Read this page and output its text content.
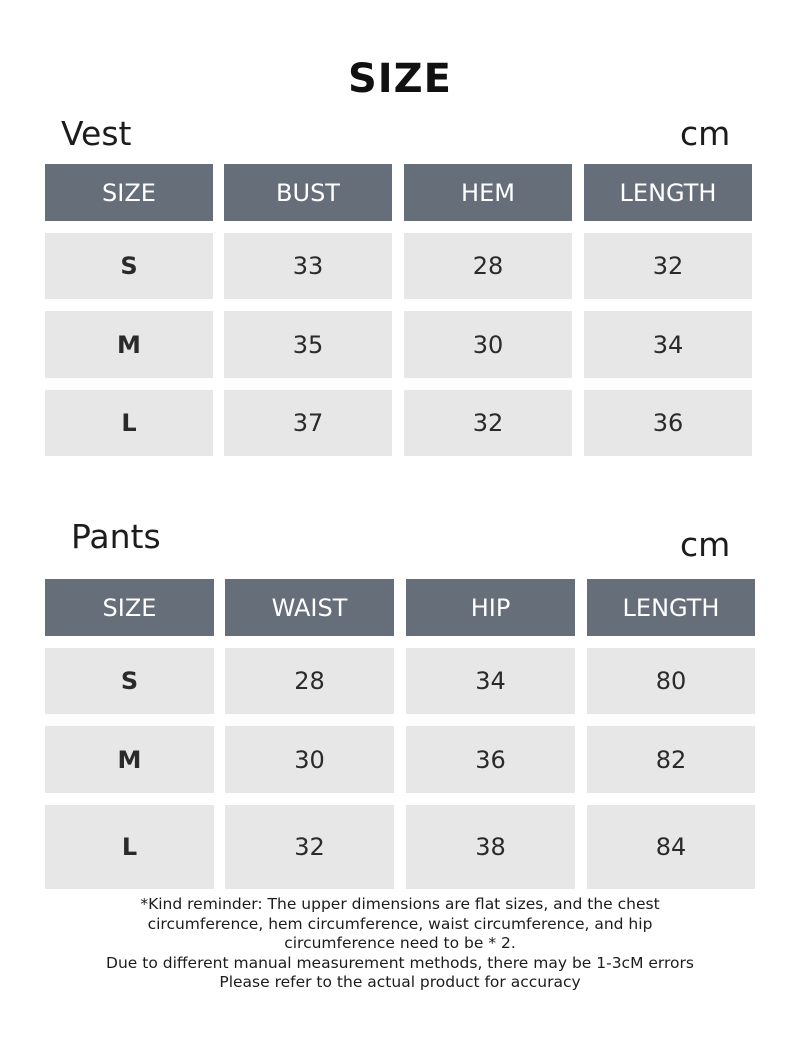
SIZE
Vest	cm
SIZE	BUST	HEM	LENGTH
S	33	28	32
M	35	30	34
L	37	32	36
Pants	cm
SIZE	WAIST	HIP	LENGTH
S	28	34	80
M	30	36	82
L	32	38	84
*Kind reminder: The upper dimensions are flat sizes, and the chest
circumference, hem circumference, waist circumference, and hip
circumference need to be * 2.
Due to different manual measurement methods, there may be 1-3cM errors
Please refer to the actual product for accuracy
